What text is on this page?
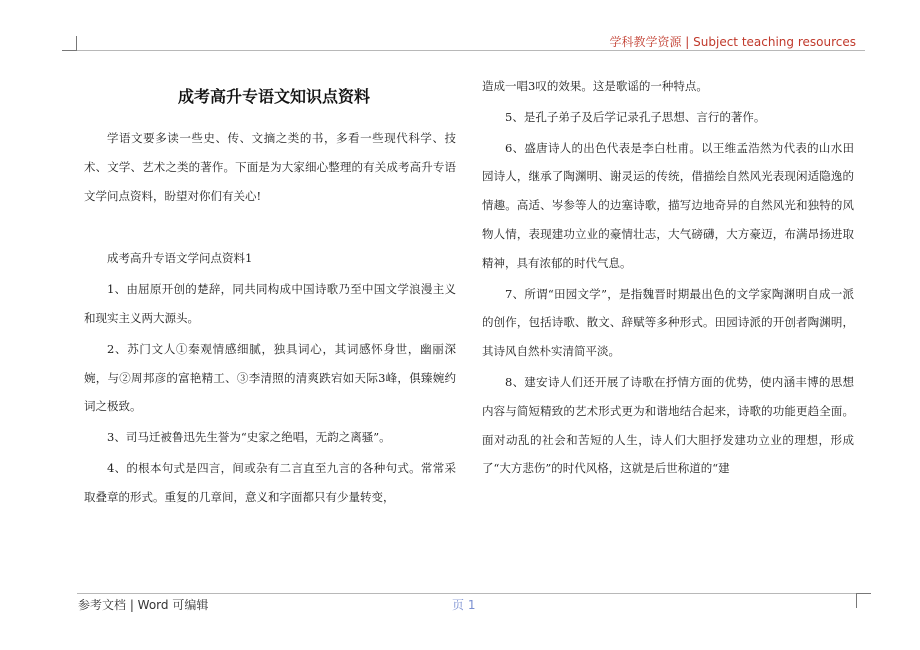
学科教学资源 | Subject teaching resources
成考高升专语文知识点资料

学语文要多读一些史、传、文摘之类的书，多看一些现代科学、技术、文学、艺术之类的著作。下面是为大家细心整理的有关成考高升专语文学问点资料，盼望对你们有关心!

成考高升专语文学问点资料1

1、由屈原开创的楚辞，同共同构成中国诗歌乃至中国文学浪漫主义和现实主义两大源头。

2、苏门文人①秦观情感细腻，独具词心，其词感怀身世，幽丽深婉，与②周邦彦的富艳精工、③李清照的清爽跌宕如天际3峰，俱臻婉约词之极致。

3、司马迁被鲁迅先生誉为“史家之绝唱，无韵之离骚”。

4、的根本句式是四言，间或杂有二言直至九言的各种句式。常常采取叠章的形式。重复的几章间，意义和字面都只有少量转变，

造成一唱3叹的效果。这是歌谣的一种特点。

5、是孔子弟子及后学记录孔子思想、言行的著作。

6、盛唐诗人的出色代表是李白杜甫。以王维孟浩然为代表的山水田园诗人，继承了陶渊明、谢灵运的传统，借描绘自然风光表现闲适隐逸的情趣。高适、岑参等人的边塞诗歌，描写边地奇异的自然风光和独特的风物人情，表现建功立业的豪情壮志，大气磅礴，大方豪迈，布满昂扬进取精神，具有浓郁的时代气息。

7、所谓“田园文学”，是指魏晋时期最出色的文学家陶渊明自成一派的创作，包括诗歌、散文、辞赋等多种形式。田园诗派的开创者陶渊明，其诗风自然朴实清简平淡。

8、建安诗人们还开展了诗歌在抒情方面的优势，使内涵丰博的思想内容与简短精致的艺术形式更为和谐地结合起来，诗歌的功能更趋全面。面对动乱的社会和苦短的人生，诗人们大胆抒发建功立业的理想，形成了“大方悲伤”的时代风格，这就是后世称道的“建

参考文档 | Word 可编辑	页 1
